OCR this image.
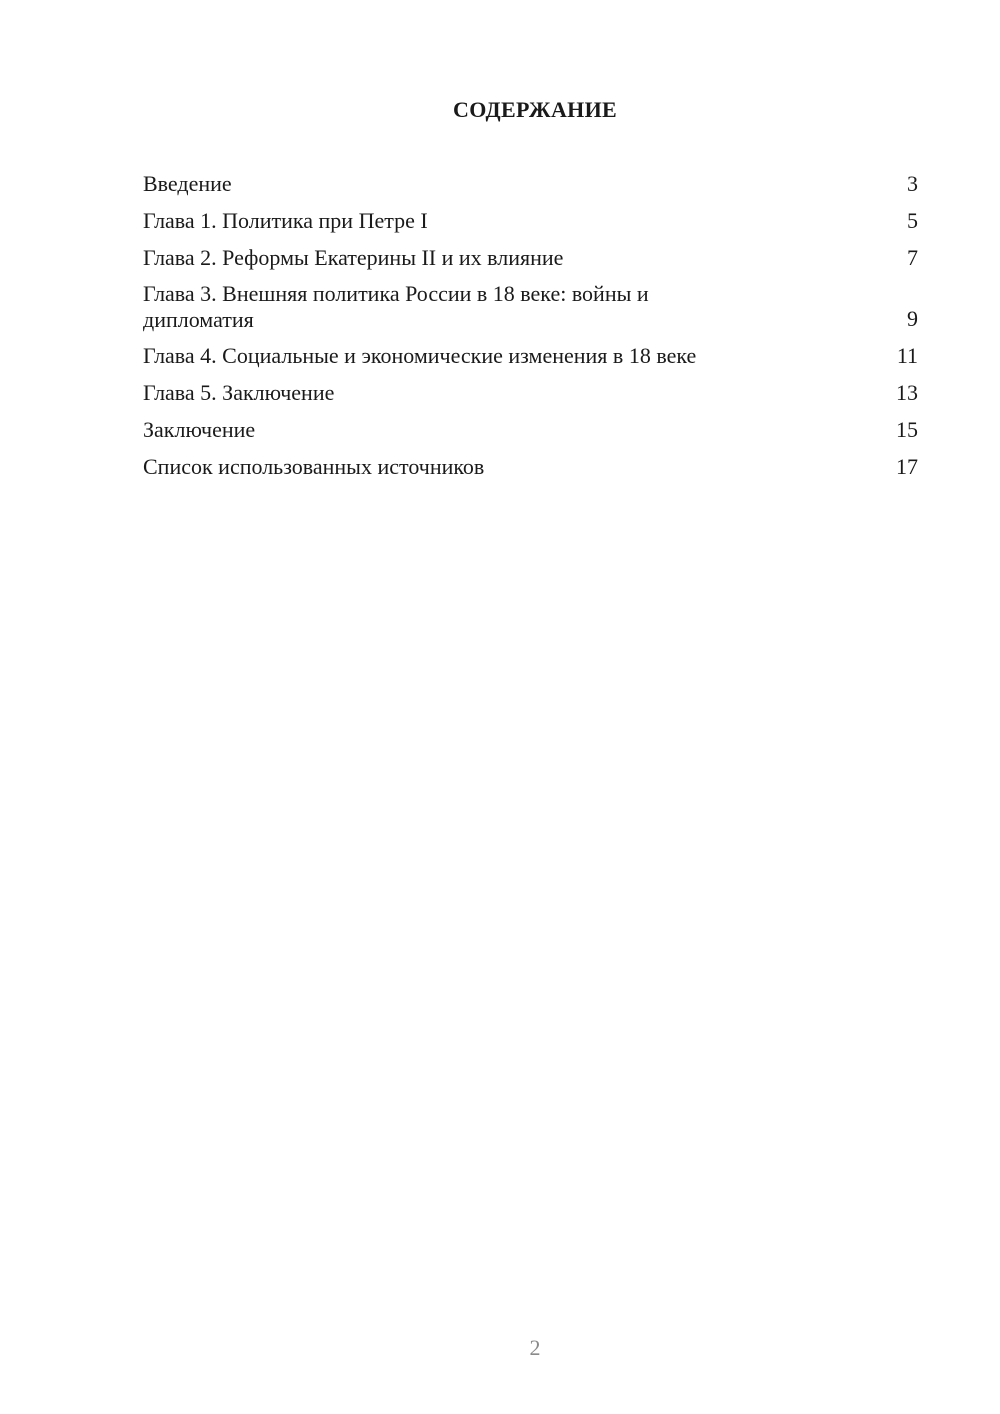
СОДЕРЖАНИЕ
Введение	3
Глава 1. Политика при Петре I	5
Глава 2. Реформы Екатерины II и их влияние	7
Глава 3. Внешняя политика России в 18 веке: войны и дипломатия	9
Глава 4. Социальные и экономические изменения в 18 веке	11
Глава 5. Заключение	13
Заключение	15
Список использованных источников	17
2
